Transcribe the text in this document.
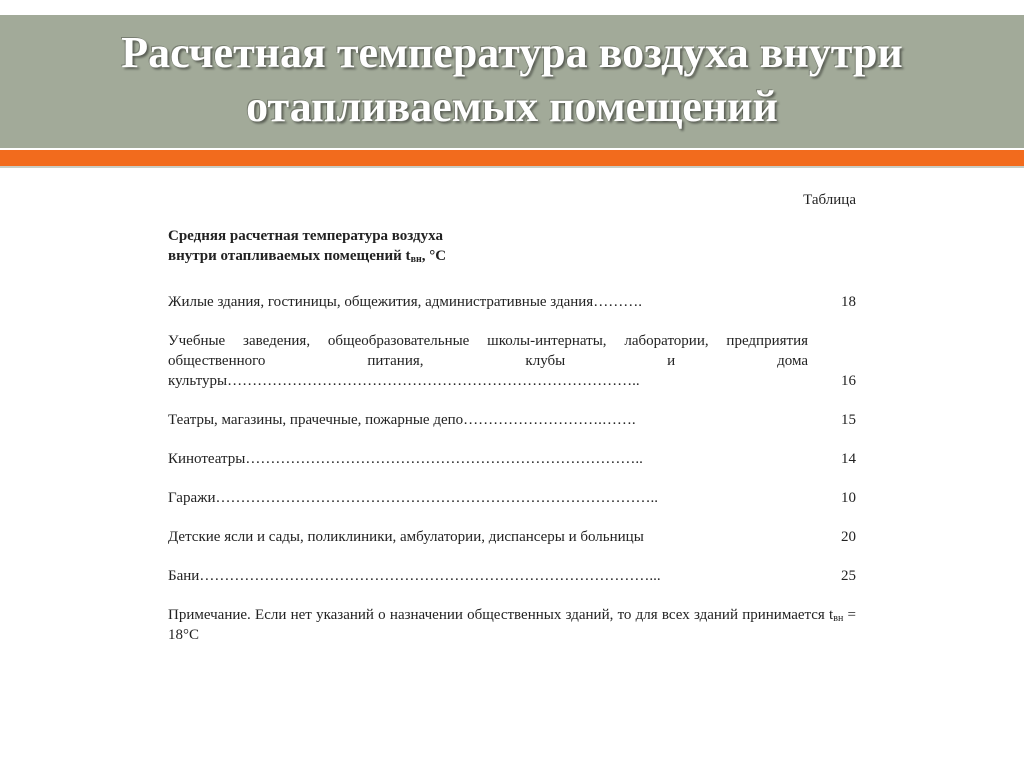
Расчетная температура воздуха внутри
отапливаемых помещений
Таблица
Средняя расчетная температура воздуха
внутри отапливаемых помещений $t_{вн}$, °С
Жилые здания, гостиницы, общежития, административные здания……….	18
Учебные заведения, общеобразовательные школы-интернаты, лаборатории, предприятия общественного питания, клубы и дома культуры………………………………………………………………………..	16
Театры, магазины, прачечные, пожарные депо……………………….…….	15
Кинотеатры……………………………………………………………………..	14
Гаражи……………………………………………………………………………..	10
Детские ясли и сады, поликлиники, амбулатории, диспансеры и больницы	20
Бани………………………………………………………………………………...	25
Примечание. Если нет указаний о назначении общественных зданий, то для всех зданий принимается $t_{вн} = 18^\circ С$
